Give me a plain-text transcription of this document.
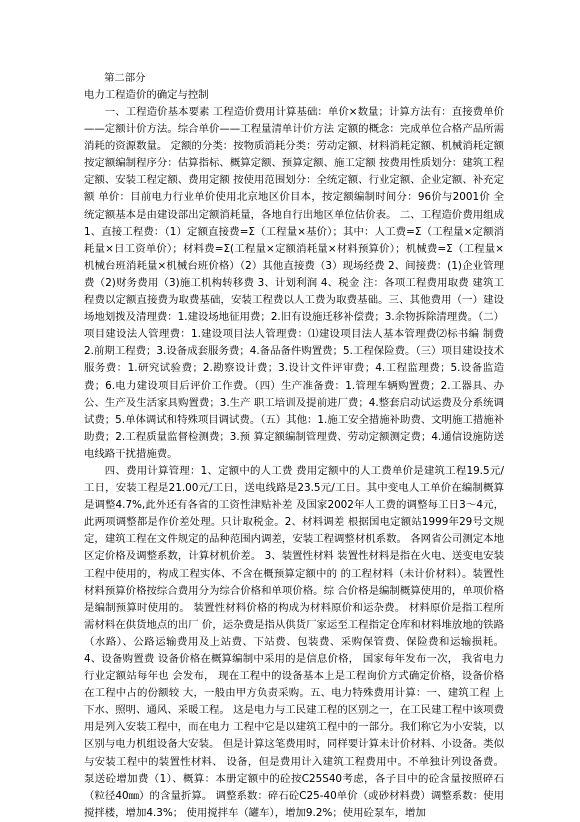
第二部分

电力工程造价的确定与控制

一、工程造价基本要素 工程造价费用计算基础：单价×数量；计算方法有：直接费单价——定额计价方法。综合单价——工程量清单计价方法 定额的概念：完成单位合格产品所需消耗的资源数量。 定额的分类：按物质消耗分类：劳动定额、材料消耗定额、机械消耗定额按定额编制程序分：估算指标、概算定额、预算定额、施工定额 按费用性质划分：建筑工程定额、安装工程定额、费用定额 按使用范围划分：全统定额、行业定额、企业定额、补充定额 单价：目前电力行业单价使用北京地区价目本，按定额编制时间分：96价与2001价 全统定额基本是由建设部出定额消耗量，各地自行出地区单位估价表。 二、工程造价费用组成1、直接工程费：（1）定额直接费=Σ（工程量×基价）；其中：人工费=Σ（工程量×定额消耗量×日工资单价）；材料费=Σ(工程量×定额消耗量×材料预算价）；机械费=Σ（工程量×机械台班消耗量×机械台班价格）（2）其他直接费（3）现场经费 2、间接费：(1)企业管理费（2)财务费用（3)施工机构转移费 3、计划利润 4、税金 注：各项工程费用取费 建筑工程费以定额直接费为取费基础，安装工程费以人工费为取费基础。三、其他费用（一）建设场地划拨及清理费：1.建设场地征用费；2.旧有设施迁移补偿费；3.余物拆除清理费。（二）项目建设法人管理费：1.建设项目法人管理费：⑴建设项目法人基本管理费⑵标书编 制费 2.前期工程费；3.设备成套服务费；4.备品备件购置费；5.工程保险费。（三）项目建设技术服务费：1.研究试验费；2.勘察设计费；3.设计文件评审费；4.工程监理费；5.设备监造费；6.电力建设项目后评价工作费。（四）生产准备费：1.管理车辆购置费；2.工器具、办公、生产及生活家具购置费；3.生产 职工培训及提前进厂费；4.整套启动试运费及分系统调试费；5.单体调试和特殊项目调试费。（五）其他：1.施工安全措施补助费、文明施工措施补助费；2.工程质量监督检测费；3.预 算定额编制管理费、劳动定额测定费；4.通信设施防送电线路干扰措施费。

四、费用计算管理：1、定额中的人工费 费用定额中的人工费单价是建筑工程19.5元/工日，安装工程是21.00元/工日，送电线路是23.5元/工日。其中变电人工单价在编制概算是调整4.7%,此外还有各省的工资性津贴补差 及国家2002年人工费的调整每工日3～4元，此两项调整都是作价差处理。只计取税金。2、材料调差 根据国电定额站1999年29号文规定，建筑工程在文件规定的品种范围内调差，安装工程调整材机系数。 各网省公司测定本地区定价格及调整系数，计算材机价差。 3、装置性材料 装置性材料是指在火电、送变电安装工程中使用的，构成工程实体、不含在概预算定额中的 的工程材料（未计价材料）。装置性材料预算价格按综合费用分为综合价格和单项价格。综 合价格是编制概算使用的，单项价格是编制预算时使用的。 装置性材料价格的构成为材料原价和运杂费。 材料原价是指工程所需材料在供货地点的出厂 价，运杂费是指从供货厂家运至工程指定仓库和材料堆放地的铁路（水路）、公路运输费用及上站费、下站费、包装费、采购保管费、保险费和运输损耗。 4、设备购置费 设备价格在概算编制中采用的是信息价格， 国家每年发布一次， 我省电力行业定额站每年也 会发布， 现在工程中的设备基本上是工程询价方式确定价格，设备价格在工程中占的份额较 大，一般由甲方负责采购。五、电力特殊费用计算：一、建筑工程 上下水、照明、通风、采暖工程。 这是电力与工民建工程的区别之一，在工民建工程中该项费用是列入安装工程中，而在电力 工程中它是以建筑工程中的一部分。我们称它为小安装，以区别与电力机组设备大安装。 但是计算这笔费用时，同样要计算未计价材料、小设备。类似与安装工程中的装置性材料、 设备，但是费用计入建筑工程费用中。不单独计列设备费。 泵送砼增加费（1）、概算：本册定额中的砼按C25S40考虑，各子目中的砼含量按照碎石（粒径40㎜）的含量折算。 调整系数：碎石砼C25-40单价（或砂材料费）调整系数：使用搅拌楼，增加4.3%； 使用搅拌车（罐车），增加9.2%；使用砼泵车，增加
